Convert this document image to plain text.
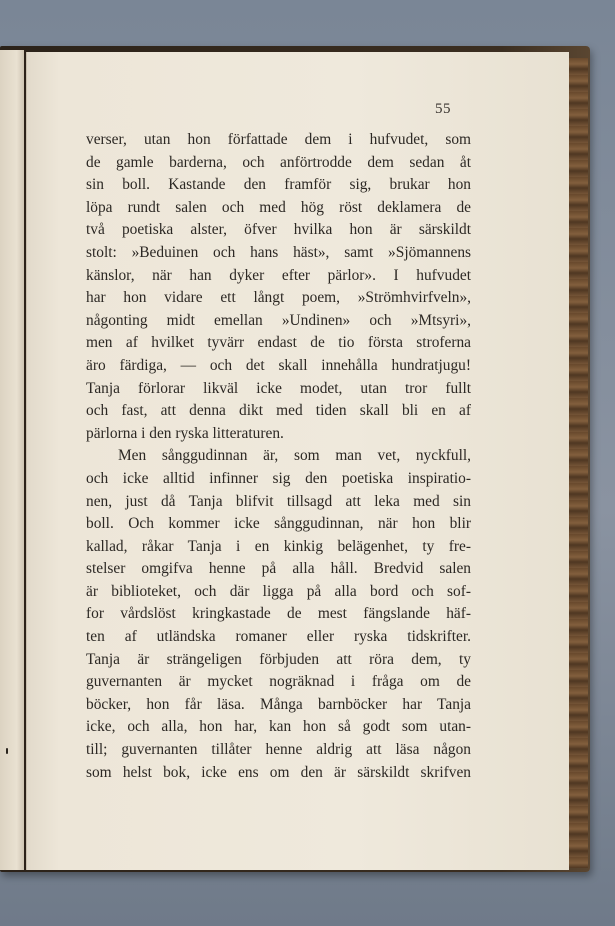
55
verser, utan hon författade dem i hufvudet, som
de gamle barderna, och anförtrodde dem sedan åt
sin boll. Kastande den framför sig, brukar hon
löpa rundt salen och med hög röst deklamera de
två poetiska alster, öfver hvilka hon är särskildt
stolt: »Beduinen och hans häst», samt »Sjömannens
känslor, när han dyker efter pärlor». I hufvudet
har hon vidare ett långt poem, »Strömhvirfveln»,
någonting midt emellan »Undinen» och »Mtsyri»,
men af hvilket tyvärr endast de tio första stroferna
äro färdiga, — och det skall innehålla hundratjugu!
Tanja förlorar likväl icke modet, utan tror fullt
och fast, att denna dikt med tiden skall bli en af
pärlorna i den ryska litteraturen.
Men sånggudinnan är, som man vet, nyckfull,
och icke alltid infinner sig den poetiska inspiratio-
nen, just då Tanja blifvit tillsagd att leka med sin
boll. Och kommer icke sånggudinnan, när hon blir
kallad, råkar Tanja i en kinkig belägenhet, ty fre-
stelser omgifva henne på alla håll. Bredvid salen
är biblioteket, och där ligga på alla bord och sof-
for vårdslöst kringkastade de mest fängslande häf-
ten af utländska romaner eller ryska tidskrifter.
Tanja är strängeligen förbjuden att röra dem, ty
guvernanten är mycket nogräknad i fråga om de
böcker, hon får läsa. Många barnböcker har Tanja
icke, och alla, hon har, kan hon så godt som utan-
till; guvernanten tillåter henne aldrig att läsa någon
som helst bok, icke ens om den är särskildt skrifven
